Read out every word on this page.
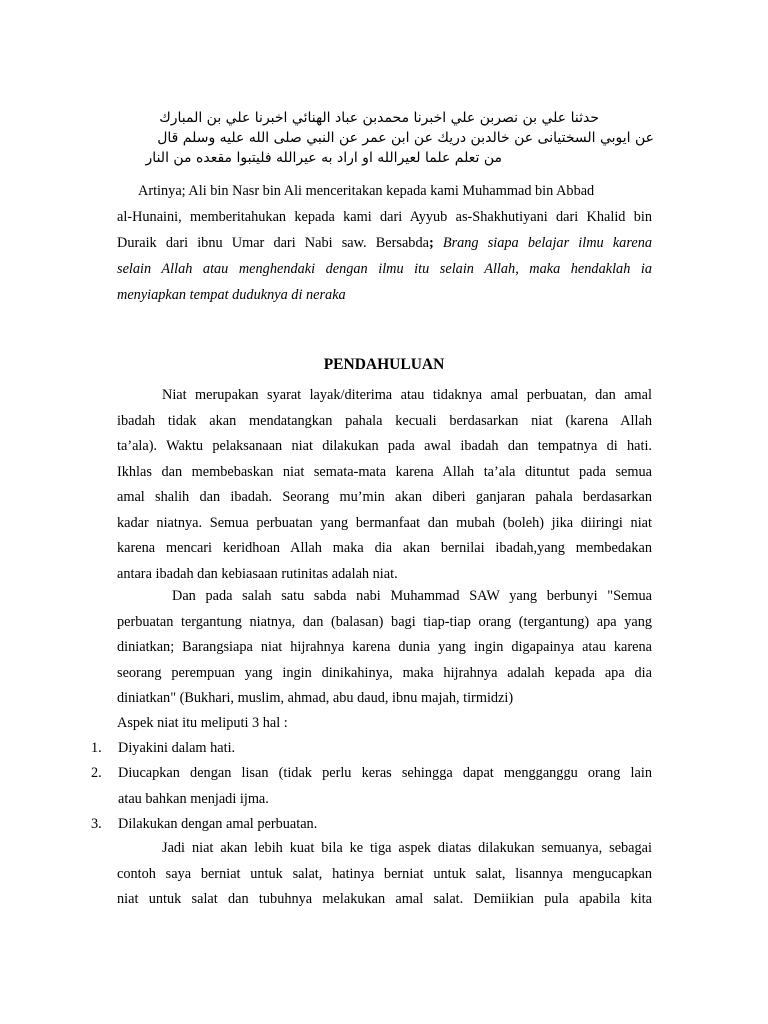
حدثنا علي بن نصربن علي اخبرنا محمدبن عباد الهنائي اخبرنا علي بن المبارك
عن ايوبي السختيانى عن خالدبن دريك عن ابن عمر عن النبي صلى الله عليه وسلم قال
من تعلم علما لعيرالله او اراد به عيرالله فليتبوا مقعده من النار
Artinya; Ali bin Nasr bin Ali menceritakan kepada kami Muhammad bin Abbad
al-Hunaini, memberitahukan kepada kami dari Ayyub as-Shakhutiyani dari Khalid bin
Duraik dari ibnu Umar dari Nabi saw. Bersabda; Brang siapa belajar ilmu karena
selain Allah atau menghendaki dengan ilmu itu selain Allah, maka hendaklah ia
menyiapkan tempat duduknya di neraka
PENDAHULUAN
Niat merupakan syarat layak/diterima atau tidaknya amal perbuatan, dan amal
ibadah tidak akan mendatangkan pahala kecuali berdasarkan niat (karena Allah
ta’ala). Waktu pelaksanaan niat dilakukan pada awal ibadah dan tempatnya di hati.
Ikhlas dan membebaskan niat semata-mata karena Allah ta’ala dituntut pada semua
amal shalih dan ibadah. Seorang mu’min akan diberi ganjaran pahala berdasarkan
kadar niatnya. Semua perbuatan yang bermanfaat dan mubah (boleh) jika diiringi niat
karena mencari keridhoan Allah maka dia akan bernilai ibadah,yang membedakan
antara ibadah dan kebiasaan rutinitas adalah niat.
Dan pada salah satu sabda nabi Muhammad SAW yang berbunyi "Semua
perbuatan tergantung niatnya, dan (balasan) bagi tiap-tiap orang (tergantung) apa yang
diniatkan; Barangsiapa niat hijrahnya karena dunia yang ingin digapainya atau karena
seorang perempuan yang ingin dinikahinya, maka hijrahnya adalah kepada apa dia
diniatkan" (Bukhari, muslim, ahmad, abu daud, ibnu majah, tirmidzi)
Aspek niat itu meliputi 3 hal :
1.	Diyakini dalam hati.
2.	Diucapkan dengan lisan (tidak perlu keras sehingga dapat mengganggu orang lain
atau bahkan menjadi ijma.
3.	Dilakukan dengan amal perbuatan.
Jadi niat akan lebih kuat bila ke tiga aspek diatas dilakukan semuanya, sebagai
contoh saya berniat untuk salat, hatinya berniat untuk salat, lisannya mengucapkan
niat untuk salat dan tubuhnya melakukan amal salat. Demiikian pula apabila kita
